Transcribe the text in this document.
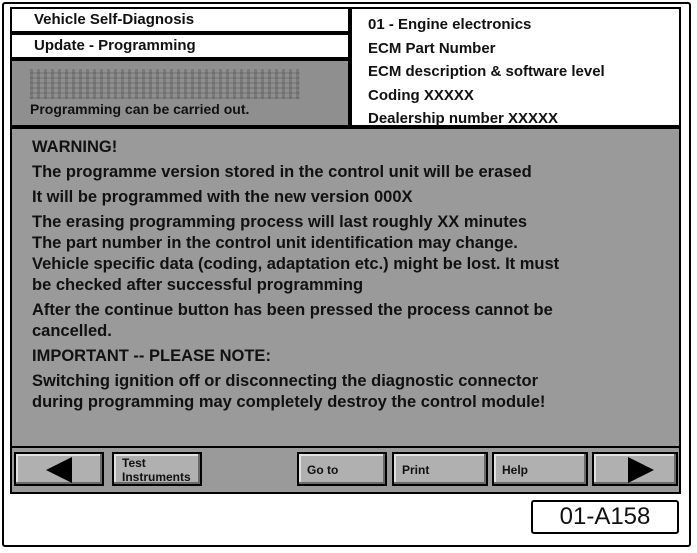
Vehicle Self-Diagnosis
Update - Programming
Programming can be carried out.
01 - Engine electronics
ECM Part Number
ECM description & software level
Coding XXXXX
Dealership number XXXXX
WARNING!
The programme version stored in the control unit will be erased
It will be programmed with the new version 000X
The erasing programming process will last roughly XX minutes
The part number in the control unit identification may change.
Vehicle specific data (coding, adaptation etc.) might be lost. It must
be checked after successful programming
After the continue button has been pressed the process cannot be
cancelled.
IMPORTANT -- PLEASE NOTE:
Switching ignition off or disconnecting the diagnostic connector
during programming may completely destroy the control module!
Test Instruments	Go to	Print	Help
01-A158
